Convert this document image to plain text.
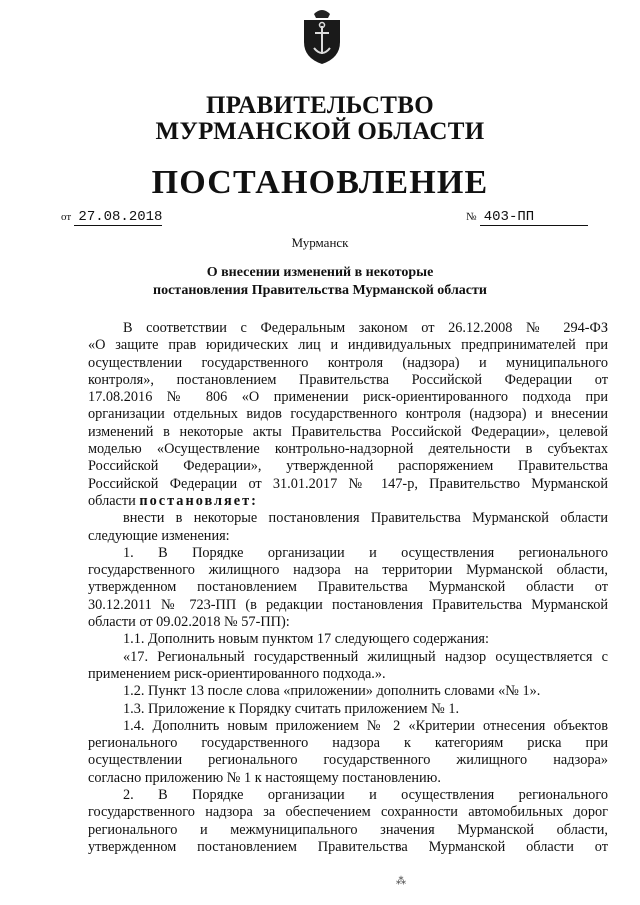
ПРАВИТЕЛЬСТВО
МУРМАНСКОЙ ОБЛАСТИ
ПОСТАНОВЛЕНИЕ
от 27.08.2018	№ 403-ПП
Мурманск
О внесении изменений в некоторые
постановления Правительства Мурманской области

В соответствии с Федеральным законом от 26.12.2008 № 294-ФЗ

«О защите прав юридических лиц и индивидуальных предпринимателей при

осуществлении государственного контроля (надзора) и муниципального

контроля», постановлением Правительства Российской Федерации от

17.08.2016 № 806 «О применении риск-ориентированного подхода при

организации отдельных видов государственного контроля (надзора) и внесении

изменений в некоторые акты Правительства Российской Федерации», целевой

моделью «Осуществление контрольно-надзорной деятельности в субъектах

Российской Федерации», утвержденной распоряжением Правительства

Российской Федерации от 31.01.2017 № 147-р, Правительство Мурманской

области постановляет:

внести в некоторые постановления Правительства Мурманской области

следующие изменения:

1. В Порядке организации и осуществления регионального

государственного жилищного надзора на территории Мурманской области,

утвержденном постановлением Правительства Мурманской области от

30.12.2011 № 723-ПП (в редакции постановления Правительства Мурманской

области от 09.02.2018 № 57-ПП):

1.1. Дополнить новым пунктом 17 следующего содержания:

«17. Региональный государственный жилищный надзор осуществляется с

применением риск-ориентированного подхода.».

1.2. Пункт 13 после слова «приложении» дополнить словами «№ 1».

1.3. Приложение к Порядку считать приложением № 1.

1.4. Дополнить новым приложением № 2 «Критерии отнесения объектов

регионального государственного надзора к категориям риска при

осуществлении регионального государственного жилищного надзора»

согласно приложению № 1 к настоящему постановлению.

2. В Порядке организации и осуществления регионального

государственного надзора за обеспечением сохранности автомобильных дорог

регионального и межмуниципального значения Мурманской области,

утвержденном постановлением Правительства Мурманской области от

⁂
